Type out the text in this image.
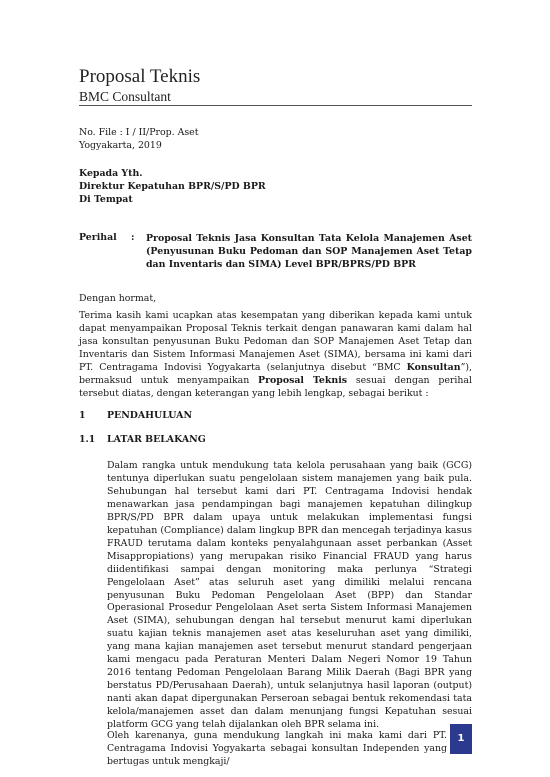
Proposal Teknis
BMC Consultant
No. File : I / II/Prop. Aset
Yogyakarta, 2019
Kepada Yth.
Direktur Kepatuhan BPR/S/PD BPR
Di Tempat
Perihal : Proposal Teknis Jasa Konsultan Tata Kelola Manajemen Aset (Penyusunan Buku Pedoman dan SOP Manajemen Aset Tetap dan Inventaris dan SIMA) Level BPR/BPRS/PD BPR
Dengan hormat,
Terima kasih kami ucapkan atas kesempatan yang diberikan kepada kami untuk dapat menyampaikan Proposal Teknis terkait dengan panawaran kami dalam hal jasa konsultan penyusunan Buku Pedoman dan SOP Manajemen Aset Tetap dan Inventaris dan Sistem Informasi Manajemen Aset (SIMA), bersama ini kami dari PT. Centragama Indovisi Yogyakarta (selanjutnya disebut “BMC Konsultan”), bermaksud untuk menyampaikan Proposal Teknis sesuai dengan perihal tersebut diatas, dengan keterangan yang lebih lengkap, sebagai berikut :
1 PENDAHULUAN
1.1 LATAR BELAKANG
Dalam rangka untuk mendukung tata kelola perusahaan yang baik (GCG) tentunya diperlukan suatu pengelolaan sistem manajemen yang baik pula. Sehubungan hal tersebut kami dari PT. Centragama Indovisi hendak menawarkan jasa pendampingan bagi manajemen kepatuhan dilingkup BPR/S/PD BPR dalam upaya untuk melakukan implementasi fungsi kepatuhan (Compliance) dalam lingkup BPR dan mencegah terjadinya kasus FRAUD terutama dalam konteks penyalahgunaan asset perbankan (Asset Misappropiations) yang merupakan risiko Financial FRAUD yang harus diidentifikasi sampai dengan monitoring maka perlunya “Strategi Pengelolaan Aset” atas seluruh aset yang dimiliki melalui rencana penyusunan Buku Pedoman Pengelolaan Aset (BPP) dan Standar Operasional Prosedur Pengelolaan Aset serta Sistem Informasi Manajemen Aset (SIMA), sehubungan dengan hal tersebut menurut kami diperlukan suatu kajian teknis manajemen aset atas keseluruhan aset yang dimiliki, yang mana kajian manajemen aset tersebut menurut standard pengerjaan kami mengacu pada Peraturan Menteri Dalam Negeri Nomor 19 Tahun 2016 tentang Pedoman Pengelolaan Barang Milik Daerah (Bagi BPR yang berstatus PD/Perusahaan Daerah), untuk selanjutnya hasil laporan (output) nanti akan dapat dipergunakan Perseroan sebagai bentuk rekomendasi tata kelola/manajemen asset dan dalam menunjang fungsi Kepatuhan sesuai platform GCG yang telah dijalankan oleh BPR selama ini.
Oleh karenanya, guna mendukung langkah ini maka kami dari PT. Centragama Indovisi Yogyakarta sebagai konsultan Independen yang bertugas untuk mengkaji/
1
